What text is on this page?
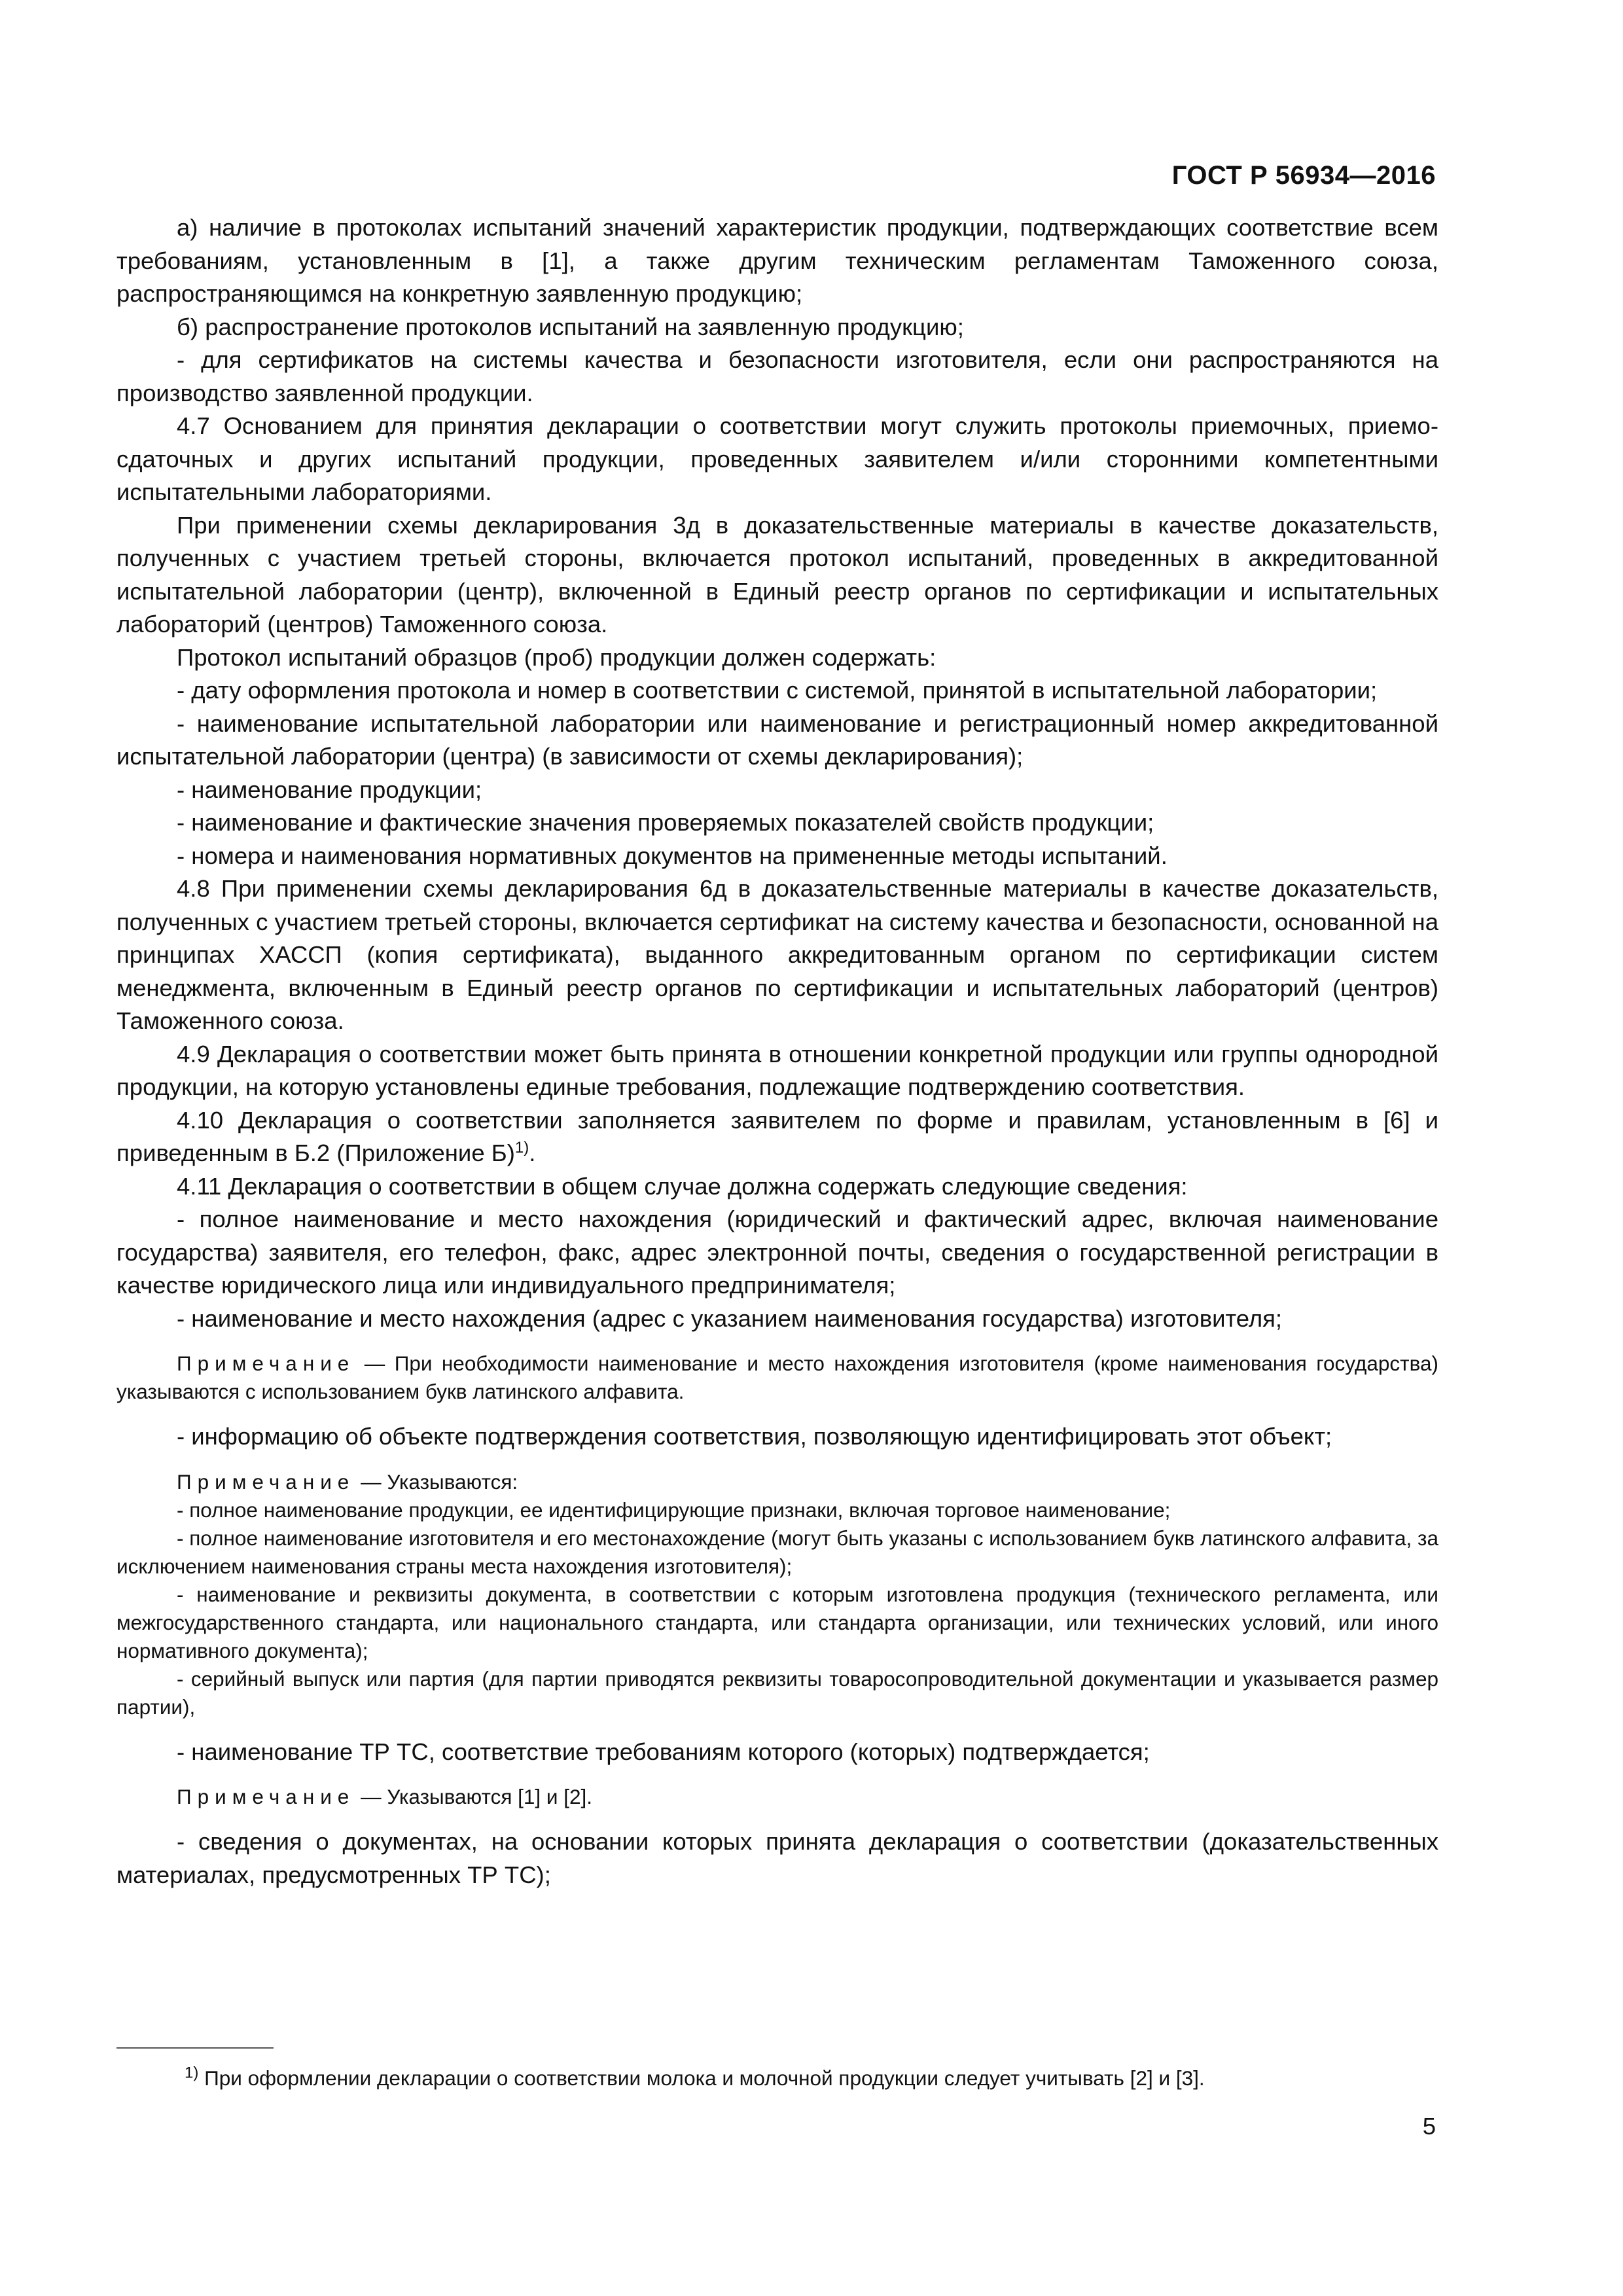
ГОСТ Р 56934—2016

а) наличие в протоколах испытаний значений характеристик продукции, подтверждающих соответствие всем требованиям, установленным в [1], а также другим техническим регламентам Таможенного союза, распространяющимся на конкретную заявленную продукцию;

б) распространение протоколов испытаний на заявленную продукцию;

- для сертификатов на системы качества и безопасности изготовителя, если они распространяются на производство заявленной продукции.

4.7 Основанием для принятия декларации о соответствии могут служить протоколы приемочных, приемо-сдаточных и других испытаний продукции, проведенных заявителем и/или сторонними компетентными испытательными лабораториями.

При применении схемы декларирования 3д в доказательственные материалы в качестве доказательств, полученных с участием третьей стороны, включается протокол испытаний, проведенных в аккредитованной испытательной лаборатории (центр), включенной в Единый реестр органов по сертификации и испытательных лабораторий (центров) Таможенного союза.

Протокол испытаний образцов (проб) продукции должен содержать:

- дату оформления протокола и номер в соответствии с системой, принятой в испытательной лаборатории;

- наименование испытательной лаборатории или наименование и регистрационный номер аккредитованной испытательной лаборатории (центра) (в зависимости от схемы декларирования);

- наименование продукции;

- наименование и фактические значения проверяемых показателей свойств продукции;

- номера и наименования нормативных документов на примененные методы испытаний.

4.8 При применении схемы декларирования 6д в доказательственные материалы в качестве доказательств, полученных с участием третьей стороны, включается сертификат на систему качества и безопасности, основанной на принципах ХАССП (копия сертификата), выданного аккредитованным органом по сертификации систем менеджмента, включенным в Единый реестр органов по сертификации и испытательных лабораторий (центров) Таможенного союза.

4.9 Декларация о соответствии может быть принята в отношении конкретной продукции или группы однородной продукции, на которую установлены единые требования, подлежащие подтверждению соответствия.

4.10 Декларация о соответствии заполняется заявителем по форме и правилам, установленным в [6] и приведенным в Б.2 (Приложение Б)$^{1)}$.

4.11 Декларация о соответствии в общем случае должна содержать следующие сведения:

- полное наименование и место нахождения (юридический и фактический адрес, включая наименование государства) заявителя, его телефон, факс, адрес электронной почты, сведения о государственной регистрации в качестве юридического лица или индивидуального предпринимателя;

- наименование и место нахождения (адрес с указанием наименования государства) изготовителя;

Примечание — При необходимости наименование и место нахождения изготовителя (кроме наименования государства) указываются с использованием букв латинского алфавита.

- информацию об объекте подтверждения соответствия, позволяющую идентифицировать этот объект;

Примечание — Указываются:

- полное наименование продукции, ее идентифицирующие признаки, включая торговое наименование;

- полное наименование изготовителя и его местонахождение (могут быть указаны с использованием букв латинского алфавита, за исключением наименования страны места нахождения изготовителя);

- наименование и реквизиты документа, в соответствии с которым изготовлена продукция (технического регламента, или межгосударственного стандарта, или национального стандарта, или стандарта организации, или технических условий, или иного нормативного документа);

- серийный выпуск или партия (для партии приводятся реквизиты товаросопроводительной документации и указывается размер партии),

- наименование ТР ТС, соответствие требованиям которого (которых) подтверждается;

Примечание — Указываются [1] и [2].

- сведения о документах, на основании которых принята декларация о соответствии (доказательственных материалах, предусмотренных ТР ТС);

$^{1)}$ При оформлении декларации о соответствии молока и молочной продукции следует учитывать [2] и [3].
5
